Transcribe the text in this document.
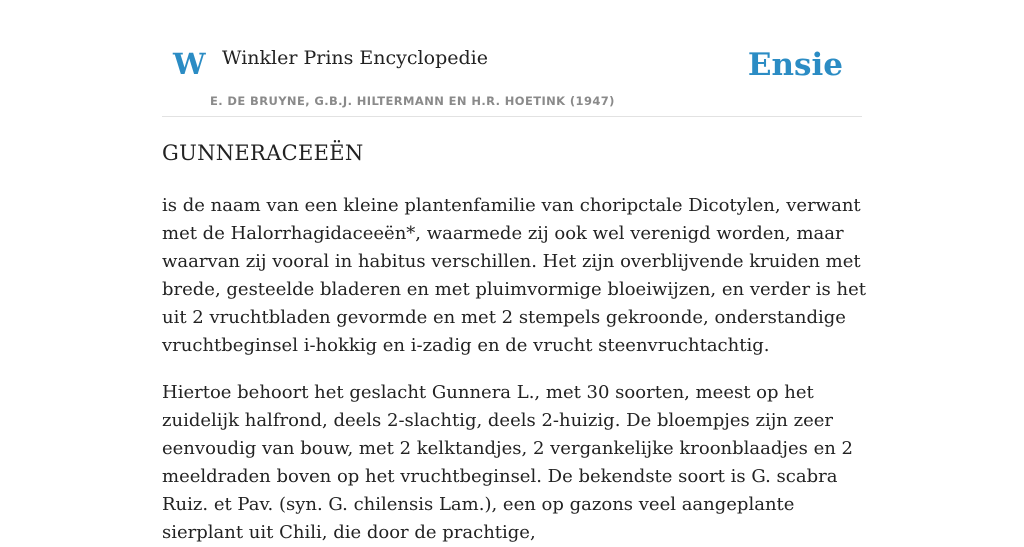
W Winkler Prins Encyclopedie
E. DE BRUYNE, G.B.J. HILTERMANN EN H.R. HOETINK (1947)
Ensie
GUNNERACEEËN

is de naam van een kleine plantenfamilie van choripctale Dicotylen, verwant met de Halorrhagidaceeën*, waarmede zij ook wel verenigd worden, maar waarvan zij vooral in habitus verschillen. Het zijn overblijvende kruiden met brede, gesteelde bladeren en met pluimvormige bloeiwijzen, en verder is het uit 2 vruchtbladen gevormde en met 2 stempels gekroonde, onderstandige vruchtbeginsel i-hokkig en i-zadig en de vrucht steenvruchtachtig.

Hiertoe behoort het geslacht Gunnera L., met 30 soorten, meest op het zuidelijk halfrond, deels 2-slachtig, deels 2-huizig. De bloempjes zijn zeer eenvoudig van bouw, met 2 kelktandjes, 2 vergankelijke kroonblaadjes en 2 meeldraden boven op het vruchtbeginsel. De bekendste soort is G. scabra Ruiz. et Pav. (syn. G. chilensis Lam.), een op gazons veel aangeplante sierplant uit Chili, die door de prachtige,
